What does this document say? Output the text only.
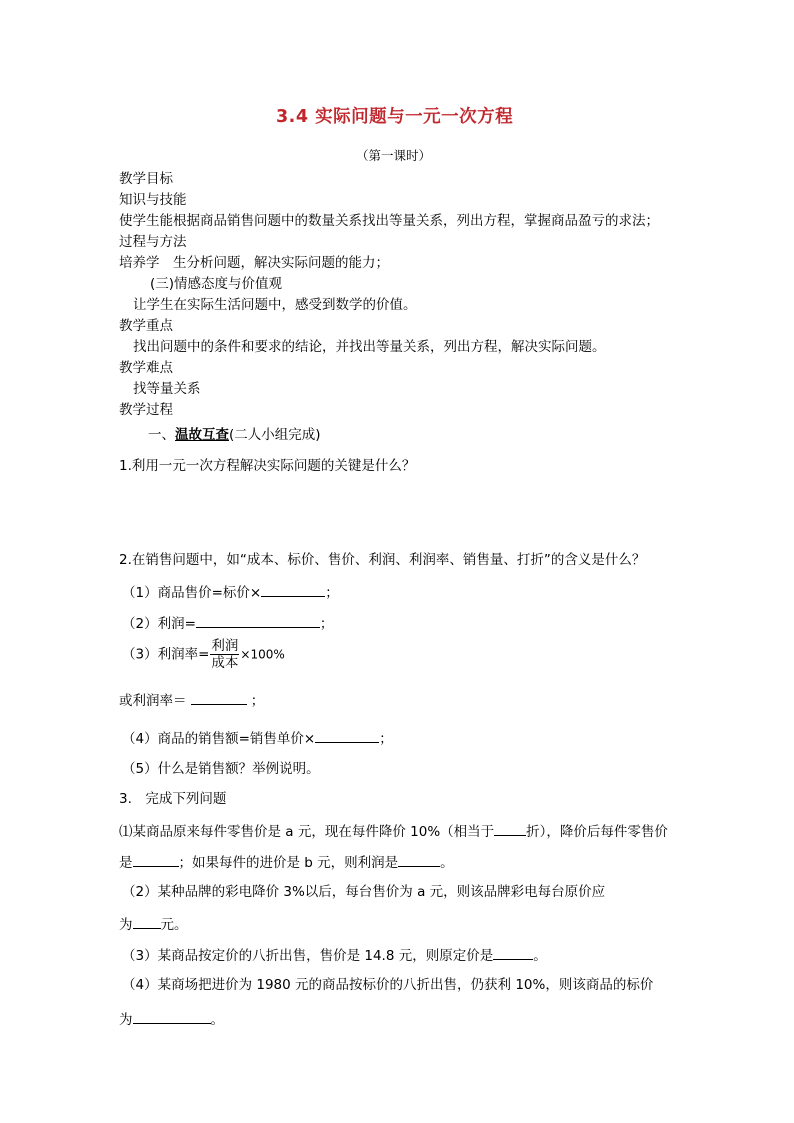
3.4 实际问题与一元一次方程
（第一课时）
教学目标
知识与技能
使学生能根据商品销售问题中的数量关系找出等量关系，列出方程，掌握商品盈亏的求法；
过程与方法
培养学　生分析问题，解决实际问题的能力；
(三)情感态度与价值观
让学生在实际生活问题中，感受到数学的价值。
教学重点
找出问题中的条件和要求的结论，并找出等量关系，列出方程，解决实际问题。
教学难点
找等量关系
教学过程
一、温故互查(二人小组完成)
1.利用一元一次方程解决实际问题的关键是什么？
2.在销售问题中，如“成本、标价、售价、利润、利润率、销售量、打折”的含义是什么？
（1）商品售价=标价×	；
（2）利润=	；
（3）利润率= $\frac{\text{利润}}{\text{成本}} \times 100\%$
或利润率＝	；
（4）商品的销售额=销售单价×	；
（5）什么是销售额？举例说明。
3.　完成下列问题
⑴某商品原来每件零售价是 a 元，现在每件降价 10%（相当于 折），降价后每件零售价
是	；如果每件的进价是 b 元，则利润是	。
（2）某种品牌的彩电降价 3%以后，每台售价为 a 元，则该品牌彩电每台原价应
为 元。
（3）某商品按定价的八折出售，售价是 14.8 元，则原定价是	。
（4）某商场把进价为 1980 元的商品按标价的八折出售，仍获利 10%，则该商品的标价
为	。
